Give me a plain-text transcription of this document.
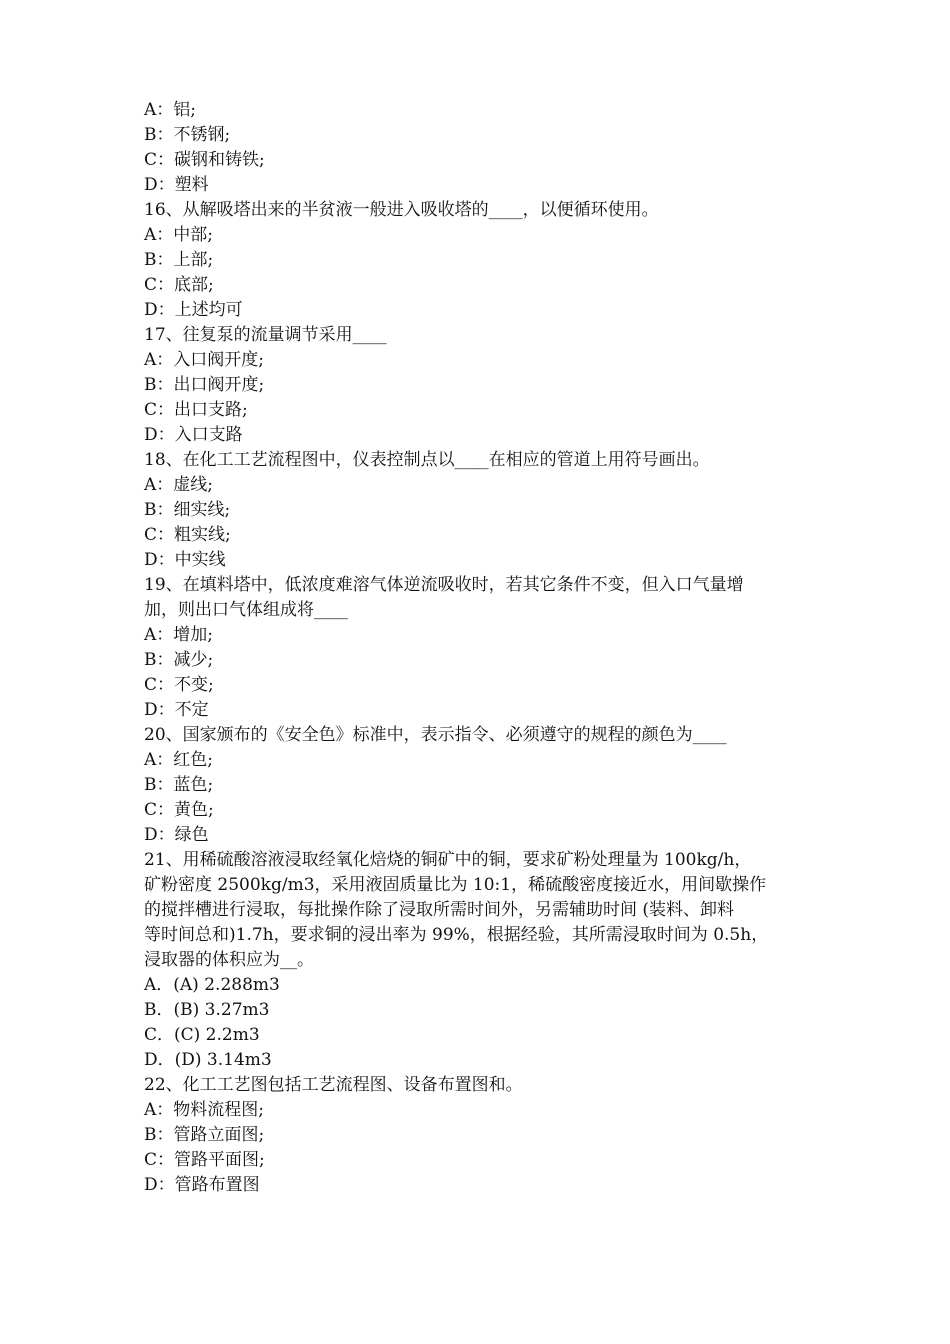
A：铝;
B：不锈钢;
C：碳钢和铸铁;
D：塑料
16、从解吸塔出来的半贫液一般进入吸收塔的____，以便循环使用。
A：中部;
B：上部;
C：底部;
D：上述均可
17、往复泵的流量调节采用____
A：入口阀开度;
B：出口阀开度;
C：出口支路;
D：入口支路
18、在化工工艺流程图中，仪表控制点以____在相应的管道上用符号画出。
A：虚线;
B：细实线;
C：粗实线;
D：中实线
19、在填料塔中，低浓度难溶气体逆流吸收时，若其它条件不变，但入口气量增
加，则出口气体组成将____
A：增加;
B：减少;
C：不变;
D：不定
20、国家颁布的《安全色》标准中，表示指令、必须遵守的规程的颜色为____
A：红色;
B：蓝色;
C：黄色;
D：绿色
21、用稀硫酸溶液浸取经氧化焙烧的铜矿中的铜，要求矿粉处理量为 100kg/h，
矿粉密度 2500kg/m3，采用液固质量比为 10:1，稀硫酸密度接近水，用间歇操作
的搅拌槽进行浸取，每批操作除了浸取所需时间外，另需辅助时间 (装料、卸料
等时间总和)1.7h，要求铜的浸出率为 99%，根据经验，其所需浸取时间为 0.5h，
浸取器的体积应为__。
A．(A) 2.288m3
B．(B) 3.27m3
C．(C) 2.2m3
D．(D) 3.14m3
22、化工工艺图包括工艺流程图、设备布置图和。
A：物料流程图;
B：管路立面图;
C：管路平面图;
D：管路布置图
